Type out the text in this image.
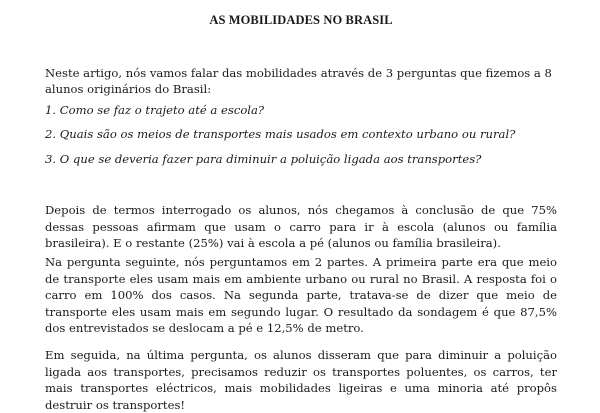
AS MOBILIDADES NO BRASIL

Neste artigo, nós vamos falar das mobilidades através de 3 perguntas que fizemos a 8 alunos originários do Brasil:

1. Como se faz o trajeto até a escola?

2. Quais são os meios de transportes mais usados em contexto urbano ou rural?

3. O que se deveria fazer para diminuir a poluição ligada aos transportes?

Depois de termos interrogado os alunos, nós chegamos à conclusão de que 75% dessas pessoas afirmam que usam o carro para ir à escola (alunos ou família brasileira). E o restante (25%) vai à escola a pé (alunos ou família brasileira).

Na pergunta seguinte, nós perguntamos em 2 partes. A primeira parte era que meio de transporte eles usam mais em ambiente urbano ou rural no Brasil. A resposta foi o carro em 100% dos casos. Na segunda parte, tratava-se de dizer que meio de transporte eles usam mais em segundo lugar. O resultado da sondagem é que 87,5% dos entrevistados se deslocam a pé e 12,5% de metro.

Em seguida, na última pergunta, os alunos disseram que para diminuir a poluição ligada aos transportes, precisamos reduzir os transportes poluentes, os carros, ter mais transportes eléctricos, mais mobilidades ligeiras e uma minoria até propôs destruir os transportes!
